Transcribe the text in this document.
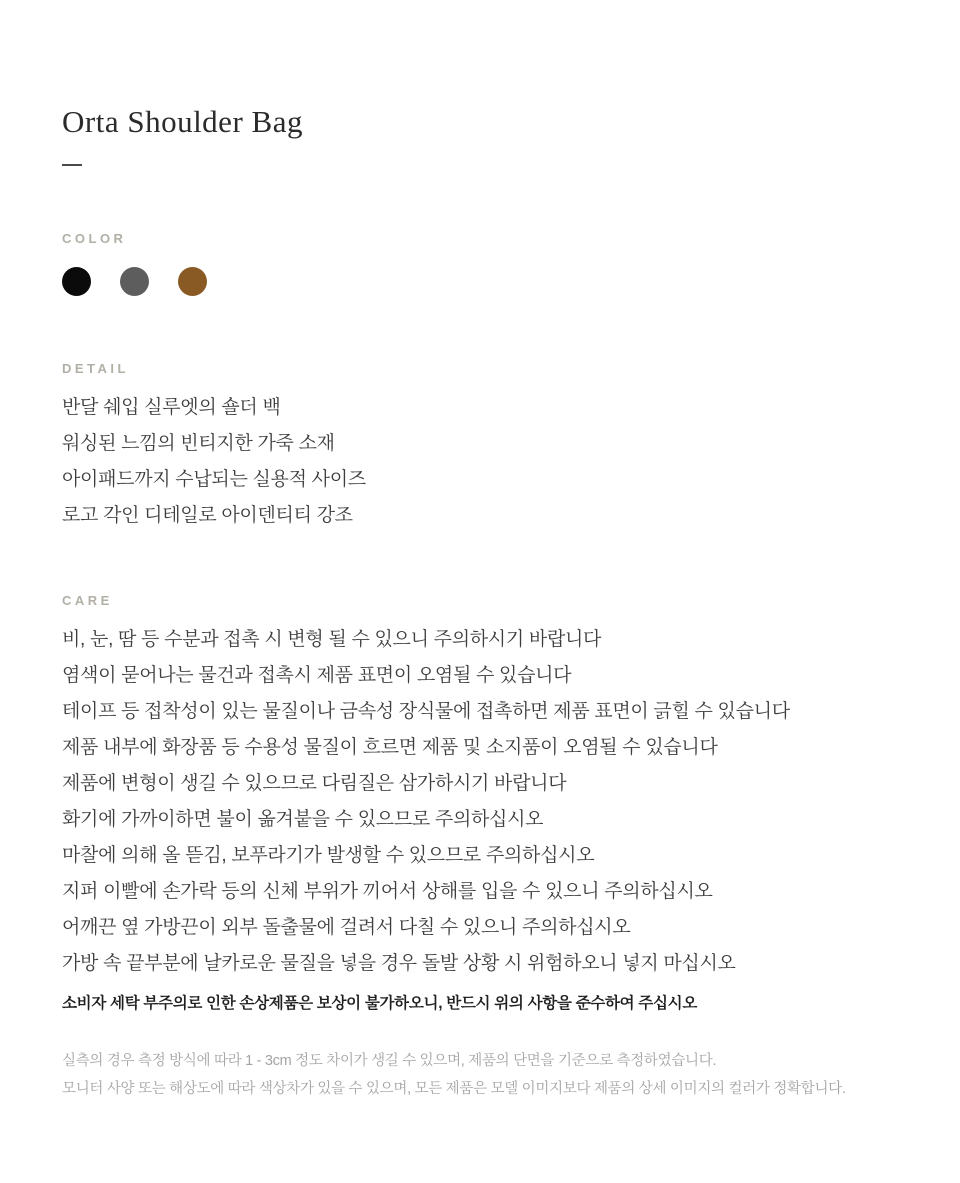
Orta Shoulder Bag
COLOR
DETAIL
반달 쉐입 실루엣의 숄더 백
워싱된 느낌의 빈티지한 가죽 소재
아이패드까지 수납되는 실용적 사이즈
로고 각인 디테일로 아이덴티티 강조
CARE
비, 눈, 땀 등 수분과 접촉 시 변형 될 수 있으니 주의하시기 바랍니다
염색이 묻어나는 물건과 접촉시 제품 표면이 오염될 수 있습니다
테이프 등 접착성이 있는 물질이나 금속성 장식물에 접촉하면 제품 표면이 긁힐 수 있습니다
제품 내부에 화장품 등 수용성 물질이 흐르면 제품 및 소지품이 오염될 수 있습니다
제품에 변형이 생길 수 있으므로 다림질은 삼가하시기 바랍니다
화기에 가까이하면 불이 옮겨붙을 수 있으므로 주의하십시오
마찰에 의해 올 뜯김, 보푸라기가 발생할 수 있으므로 주의하십시오
지퍼 이빨에 손가락 등의 신체 부위가 끼어서 상해를 입을 수 있으니 주의하십시오
어깨끈 옆 가방끈이 외부 돌출물에 걸려서 다칠 수 있으니 주의하십시오
가방 속 끝부분에 날카로운 물질을 넣을 경우 돌발 상황 시 위험하오니 넣지 마십시오

소비자 세탁 부주의로 인한 손상제품은 보상이 불가하오니, 반드시 위의 사항을 준수하여 주십시오

실측의 경우 측정 방식에 따라 1 - 3cm 정도 차이가 생길 수 있으며, 제품의 단면을 기준으로 측정하였습니다.
모니터 사양 또는 해상도에 따라 색상차가 있을 수 있으며, 모든 제품은 모델 이미지보다 제품의 상세 이미지의 컬러가 정확합니다.
